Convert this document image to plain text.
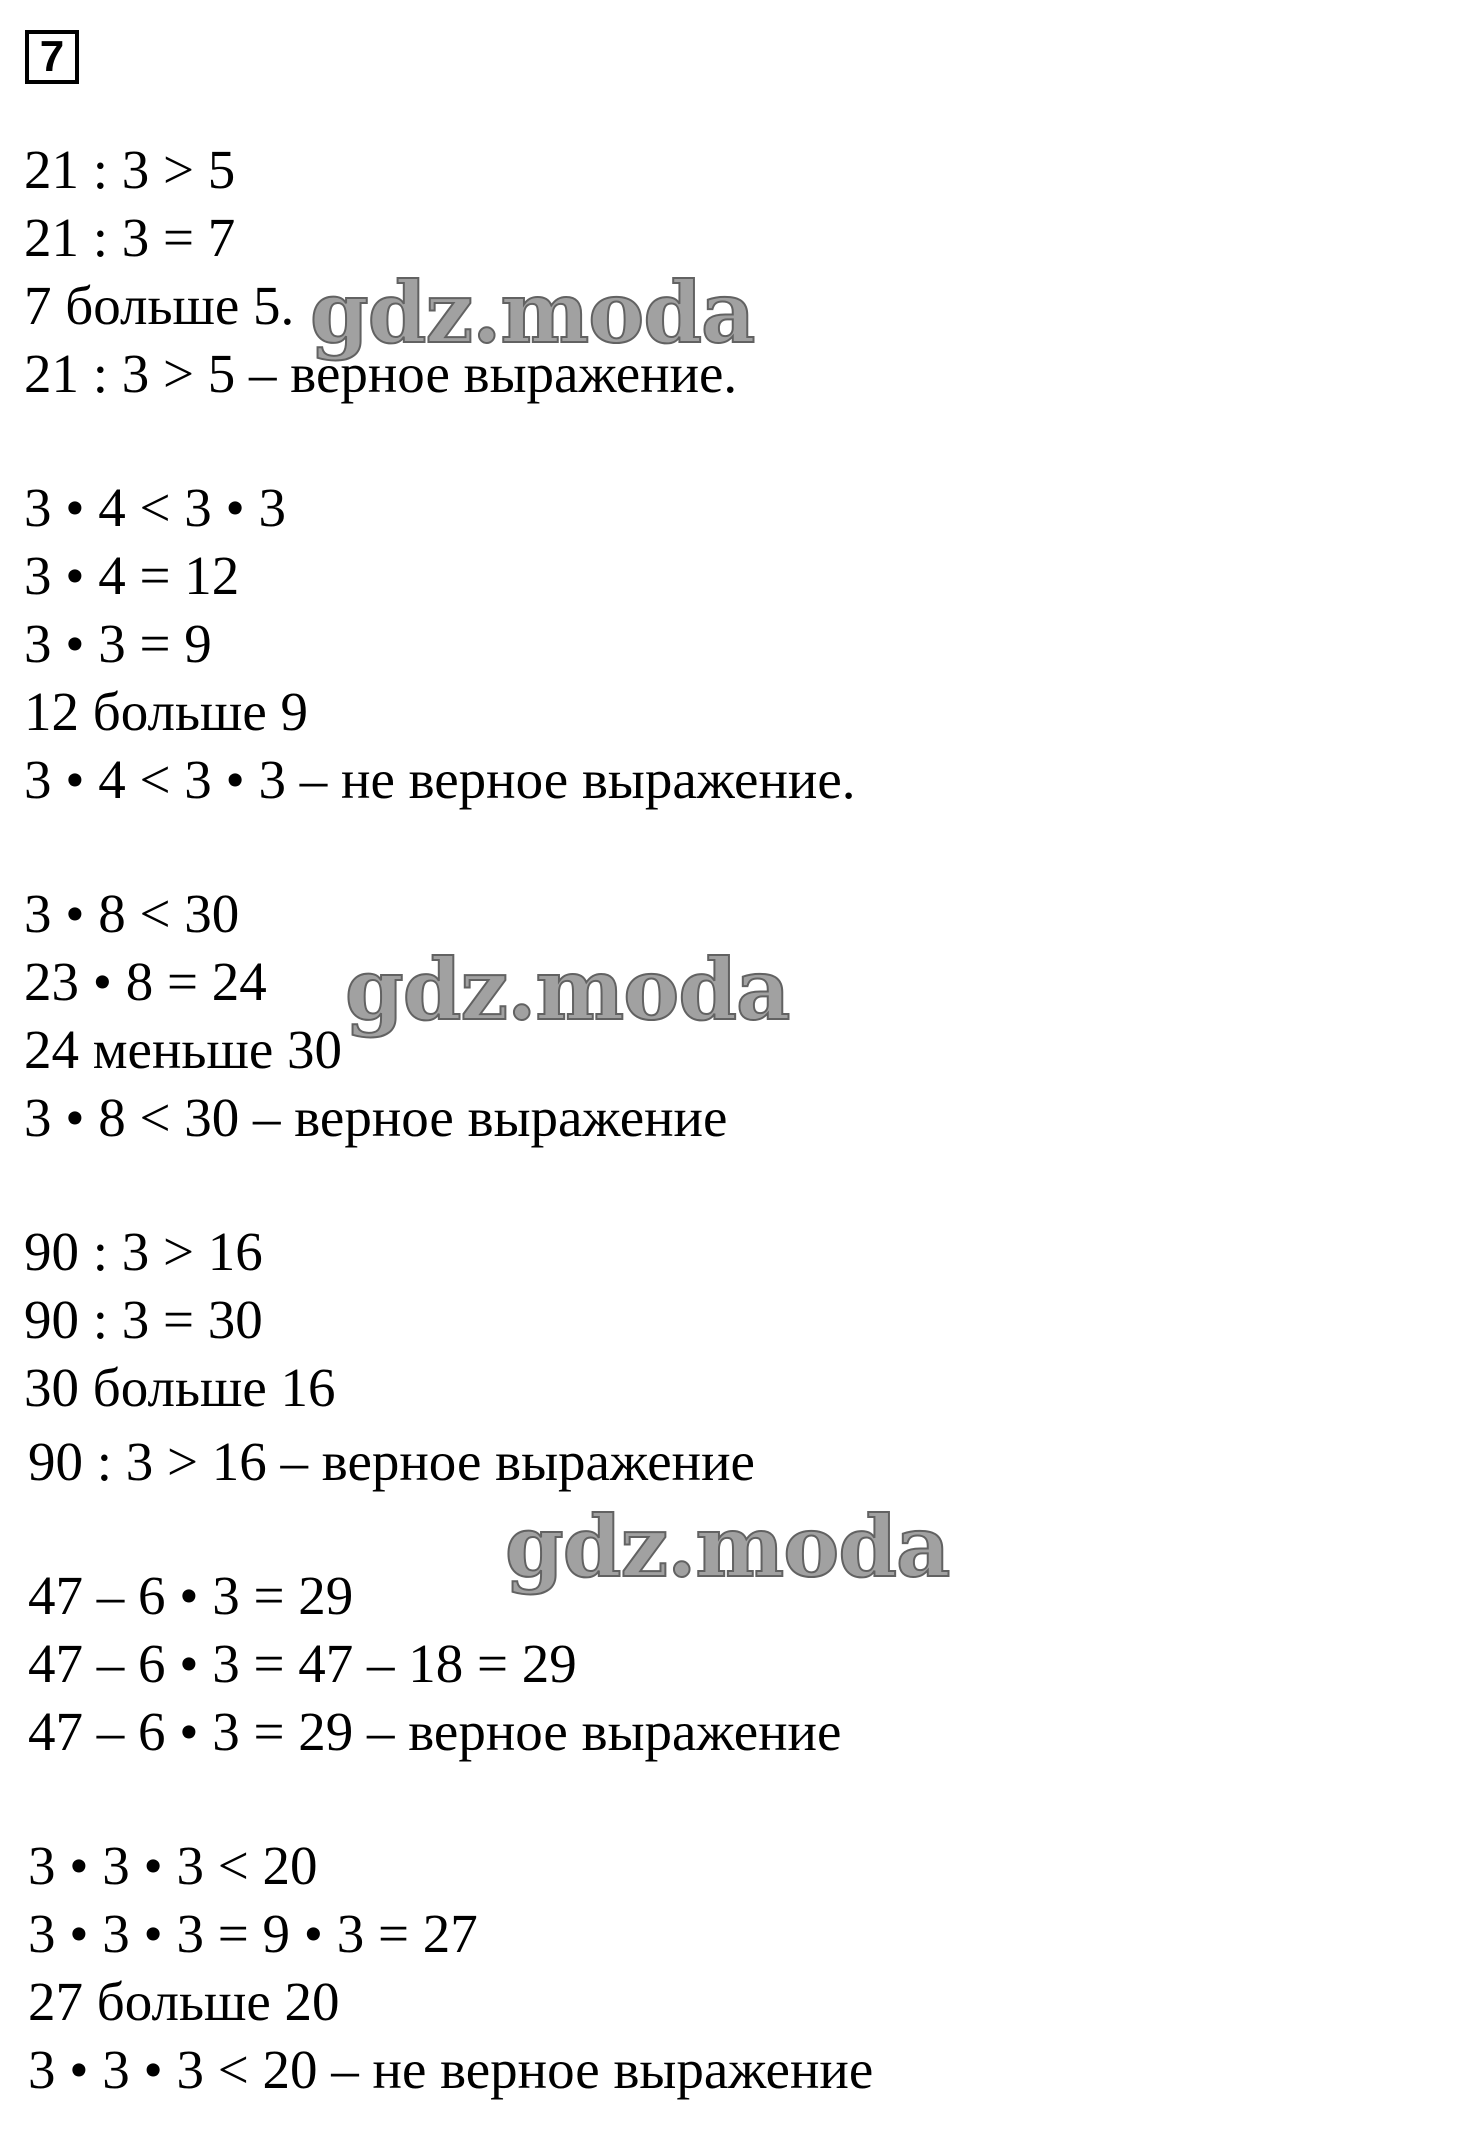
7
21 : 3 > 5
21 : 3 = 7
7 больше 5.
21 : 3 > 5 – верное выражение.
3 • 4 < 3 • 3
3 • 4 = 12
3 • 3 = 9
12 больше 9
3 • 4 < 3 • 3 – не верное выражение.
3 • 8 < 30
23 • 8 = 24
24 меньше 30
3 • 8 < 30 – верное выражение
90 : 3 > 16
90 : 3 = 30
30 больше 16
90 : 3 > 16 – верное выражение
47 – 6 • 3 = 29
47 – 6 • 3 = 47 – 18 = 29
47 – 6 • 3 = 29 – верное выражение
3 • 3 • 3 < 20
3 • 3 • 3 = 9 • 3 = 27
27 больше 20
3 • 3 • 3 < 20 – не верное выражение
gdz.moda
gdz.moda
gdz.moda
